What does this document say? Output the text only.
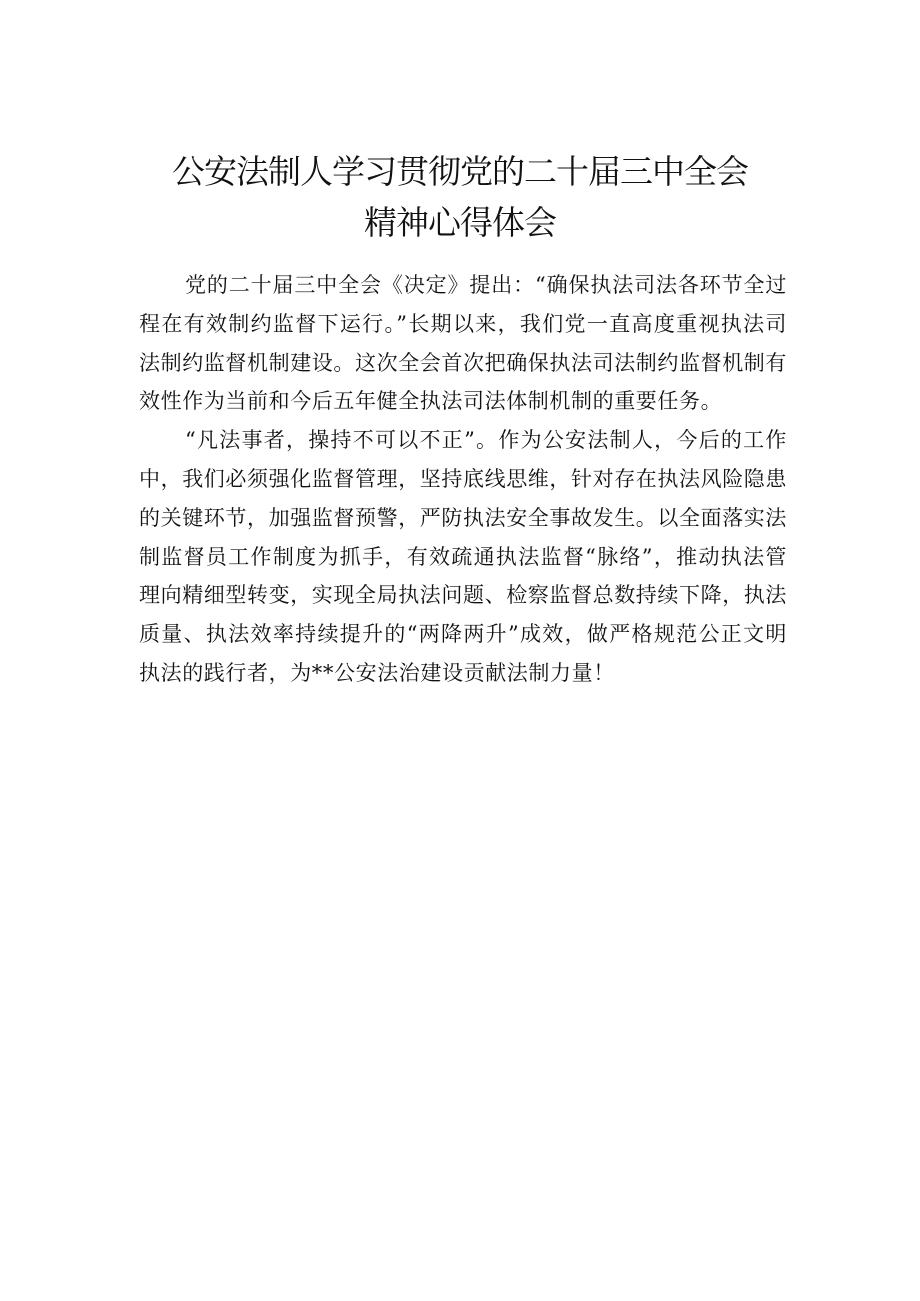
公安法制人学习贯彻党的二十届三中全会
精神心得体会

党的二十届三中全会《决定》提出：“确保执法司法各环节全过程在有效制约监督下运行。”长期以来，我们党一直高度重视执法司法制约监督机制建设。这次全会首次把确保执法司法制约监督机制有效性作为当前和今后五年健全执法司法体制机制的重要任务。

“凡法事者，操持不可以不正”。作为公安法制人，今后的工作中，我们必须强化监督管理，坚持底线思维，针对存在执法风险隐患的关键环节，加强监督预警，严防执法安全事故发生。以全面落实法制监督员工作制度为抓手，有效疏通执法监督“脉络”，推动执法管理向精细型转变，实现全局执法问题、检察监督总数持续下降，执法质量、执法效率持续提升的“两降两升”成效，做严格规范公正文明执法的践行者，为**公安法治建设贡献法制力量！
